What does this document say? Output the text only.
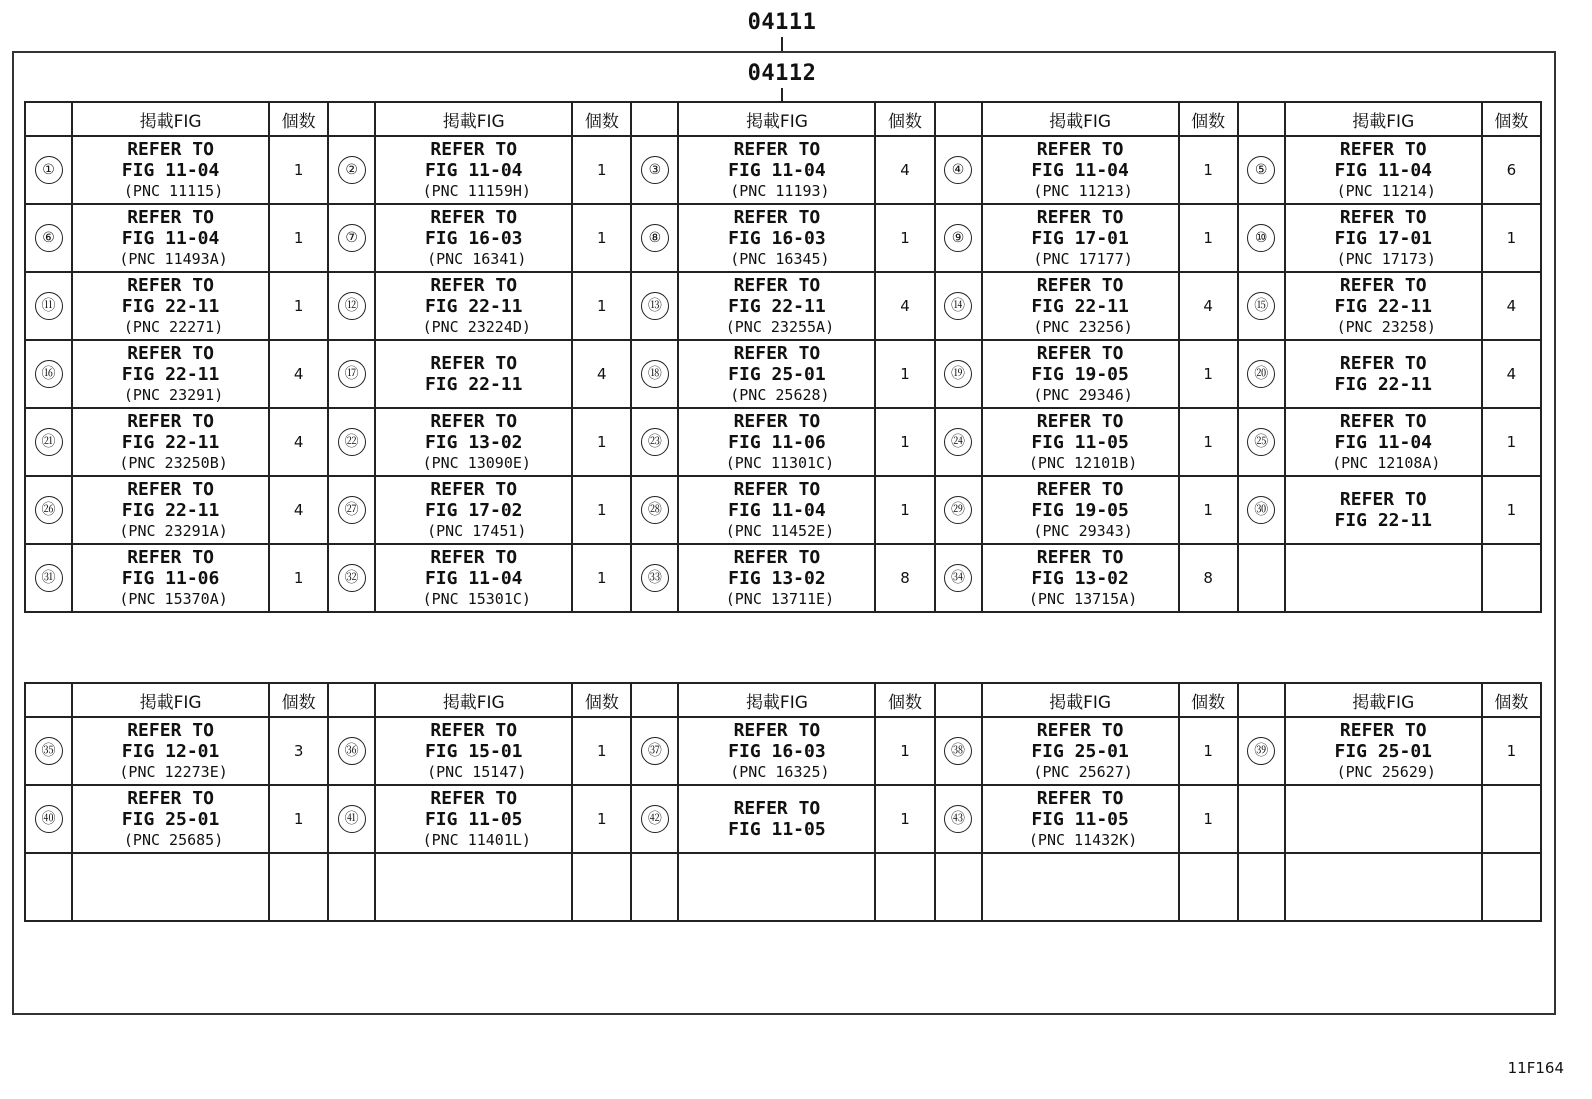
04111
04112
	掲載FIG	個数		掲載FIG	個数		掲載FIG	個数		掲載FIG	個数		掲載FIG	個数
①	REFER TO
FIG 11-04
(PNC 11115)	1	②	REFER TO
FIG 11-04
(PNC 11159H)	1	③	REFER TO
FIG 11-04
(PNC 11193)	4	④	REFER TO
FIG 11-04
(PNC 11213)	1	⑤	REFER TO
FIG 11-04
(PNC 11214)	6
⑥	REFER TO
FIG 11-04
(PNC 11493A)	1	⑦	REFER TO
FIG 16-03
(PNC 16341)	1	⑧	REFER TO
FIG 16-03
(PNC 16345)	1	⑨	REFER TO
FIG 17-01
(PNC 17177)	1	⑩	REFER TO
FIG 17-01
(PNC 17173)	1
⑪	REFER TO
FIG 22-11
(PNC 22271)	1	⑫	REFER TO
FIG 22-11
(PNC 23224D)	1	⑬	REFER TO
FIG 22-11
(PNC 23255A)	4	⑭	REFER TO
FIG 22-11
(PNC 23256)	4	⑮	REFER TO
FIG 22-11
(PNC 23258)	4
⑯	REFER TO
FIG 22-11
(PNC 23291)	4	⑰	REFER TO
FIG 22-11	4	⑱	REFER TO
FIG 25-01
(PNC 25628)	1	⑲	REFER TO
FIG 19-05
(PNC 29346)	1	⑳	REFER TO
FIG 22-11	4
㉑	REFER TO
FIG 22-11
(PNC 23250B)	4	㉒	REFER TO
FIG 13-02
(PNC 13090E)	1	㉓	REFER TO
FIG 11-06
(PNC 11301C)	1	㉔	REFER TO
FIG 11-05
(PNC 12101B)	1	㉕	REFER TO
FIG 11-04
(PNC 12108A)	1
㉖	REFER TO
FIG 22-11
(PNC 23291A)	4	㉗	REFER TO
FIG 17-02
(PNC 17451)	1	㉘	REFER TO
FIG 11-04
(PNC 11452E)	1	㉙	REFER TO
FIG 19-05
(PNC 29343)	1	㉚	REFER TO
FIG 22-11	1
㉛	REFER TO
FIG 11-06
(PNC 15370A)	1	㉜	REFER TO
FIG 11-04
(PNC 15301C)	1	㉝	REFER TO
FIG 13-02
(PNC 13711E)	8	㉞	REFER TO
FIG 13-02
(PNC 13715A)	8			
	掲載FIG	個数		掲載FIG	個数		掲載FIG	個数		掲載FIG	個数		掲載FIG	個数
㉟	REFER TO
FIG 12-01
(PNC 12273E)	3	㊱	REFER TO
FIG 15-01
(PNC 15147)	1	㊲	REFER TO
FIG 16-03
(PNC 16325)	1	㊳	REFER TO
FIG 25-01
(PNC 25627)	1	㊴	REFER TO
FIG 25-01
(PNC 25629)	1
㊵	REFER TO
FIG 25-01
(PNC 25685)	1	㊶	REFER TO
FIG 11-05
(PNC 11401L)	1	㊷	REFER TO
FIG 11-05	1	㊸	REFER TO
FIG 11-05
(PNC 11432K)	1			

11F164
